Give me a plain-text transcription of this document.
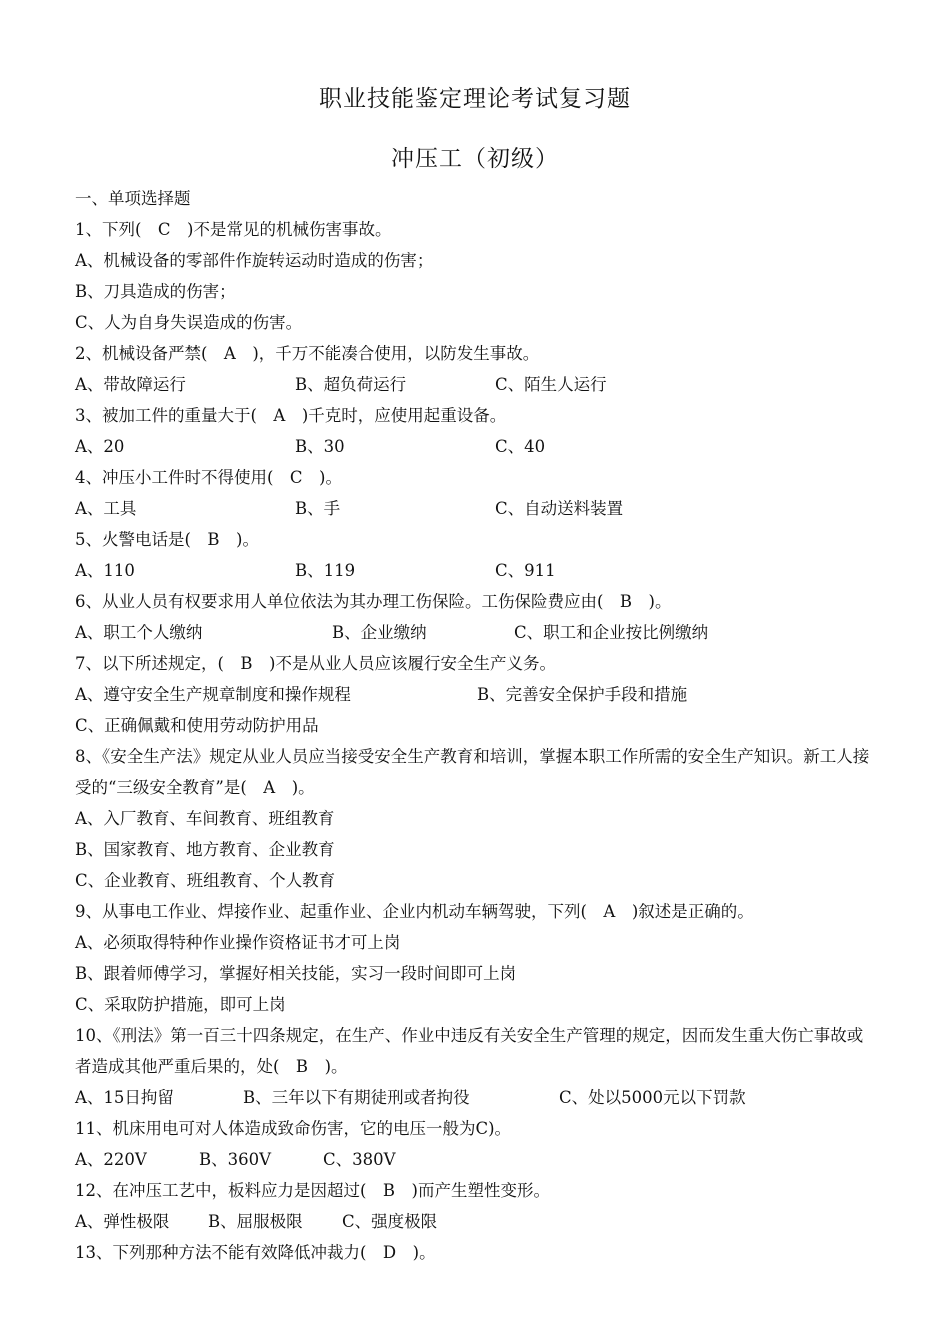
职业技能鉴定理论考试复习题
冲压工（初级）
一、单项选择题
1、下列(　C　)不是常见的机械伤害事故。
A、机械设备的零部件作旋转运动时造成的伤害；
B、刀具造成的伤害；
C、人为自身失误造成的伤害。
2、机械设备严禁(　A　)，千万不能凑合使用，以防发生事故。
A、带故障运行	B、超负荷运行	C、陌生人运行
3、被加工件的重量大于(　A　)千克时，应使用起重设备。
A、20	B、30	C、40
4、冲压小工件时不得使用(　C　)。
A、工具	B、手	C、自动送料装置
5、火警电话是(　B　)。
A、110	B、119	C、911
6、从业人员有权要求用人单位依法为其办理工伤保险。工伤保险费应由(　B　)。
A、职工个人缴纳	B、企业缴纳	C、职工和企业按比例缴纳
7、以下所述规定，(　B　)不是从业人员应该履行安全生产义务。
A、遵守安全生产规章制度和操作规程	B、完善安全保护手段和措施
C、正确佩戴和使用劳动防护用品
8、《安全生产法》规定从业人员应当接受安全生产教育和培训，掌握本职工作所需的安全生产知识。新工人接受的“三级安全教育”是(　A　)。
A、入厂教育、车间教育、班组教育
B、国家教育、地方教育、企业教育
C、企业教育、班组教育、个人教育
9、从事电工作业、焊接作业、起重作业、企业内机动车辆驾驶，下列(　A　)叙述是正确的。
A、必须取得特种作业操作资格证书才可上岗
B、跟着师傅学习，掌握好相关技能，实习一段时间即可上岗
C、采取防护措施，即可上岗
10、《刑法》第一百三十四条规定，在生产、作业中违反有关安全生产管理的规定，因而发生重大伤亡事故或者造成其他严重后果的，处(　B　)。
A、15日拘留	B、三年以下有期徒刑或者拘役	C、处以5000元以下罚款
11、机床用电可对人体造成致命伤害，它的电压一般为C)。
A、220V	B、360V	C、380V
12、在冲压工艺中，板料应力是因超过(　B　)而产生塑性变形。
A、弹性极限	B、屈服极限	C、强度极限
13、下列那种方法不能有效降低冲裁力(　D　)。
